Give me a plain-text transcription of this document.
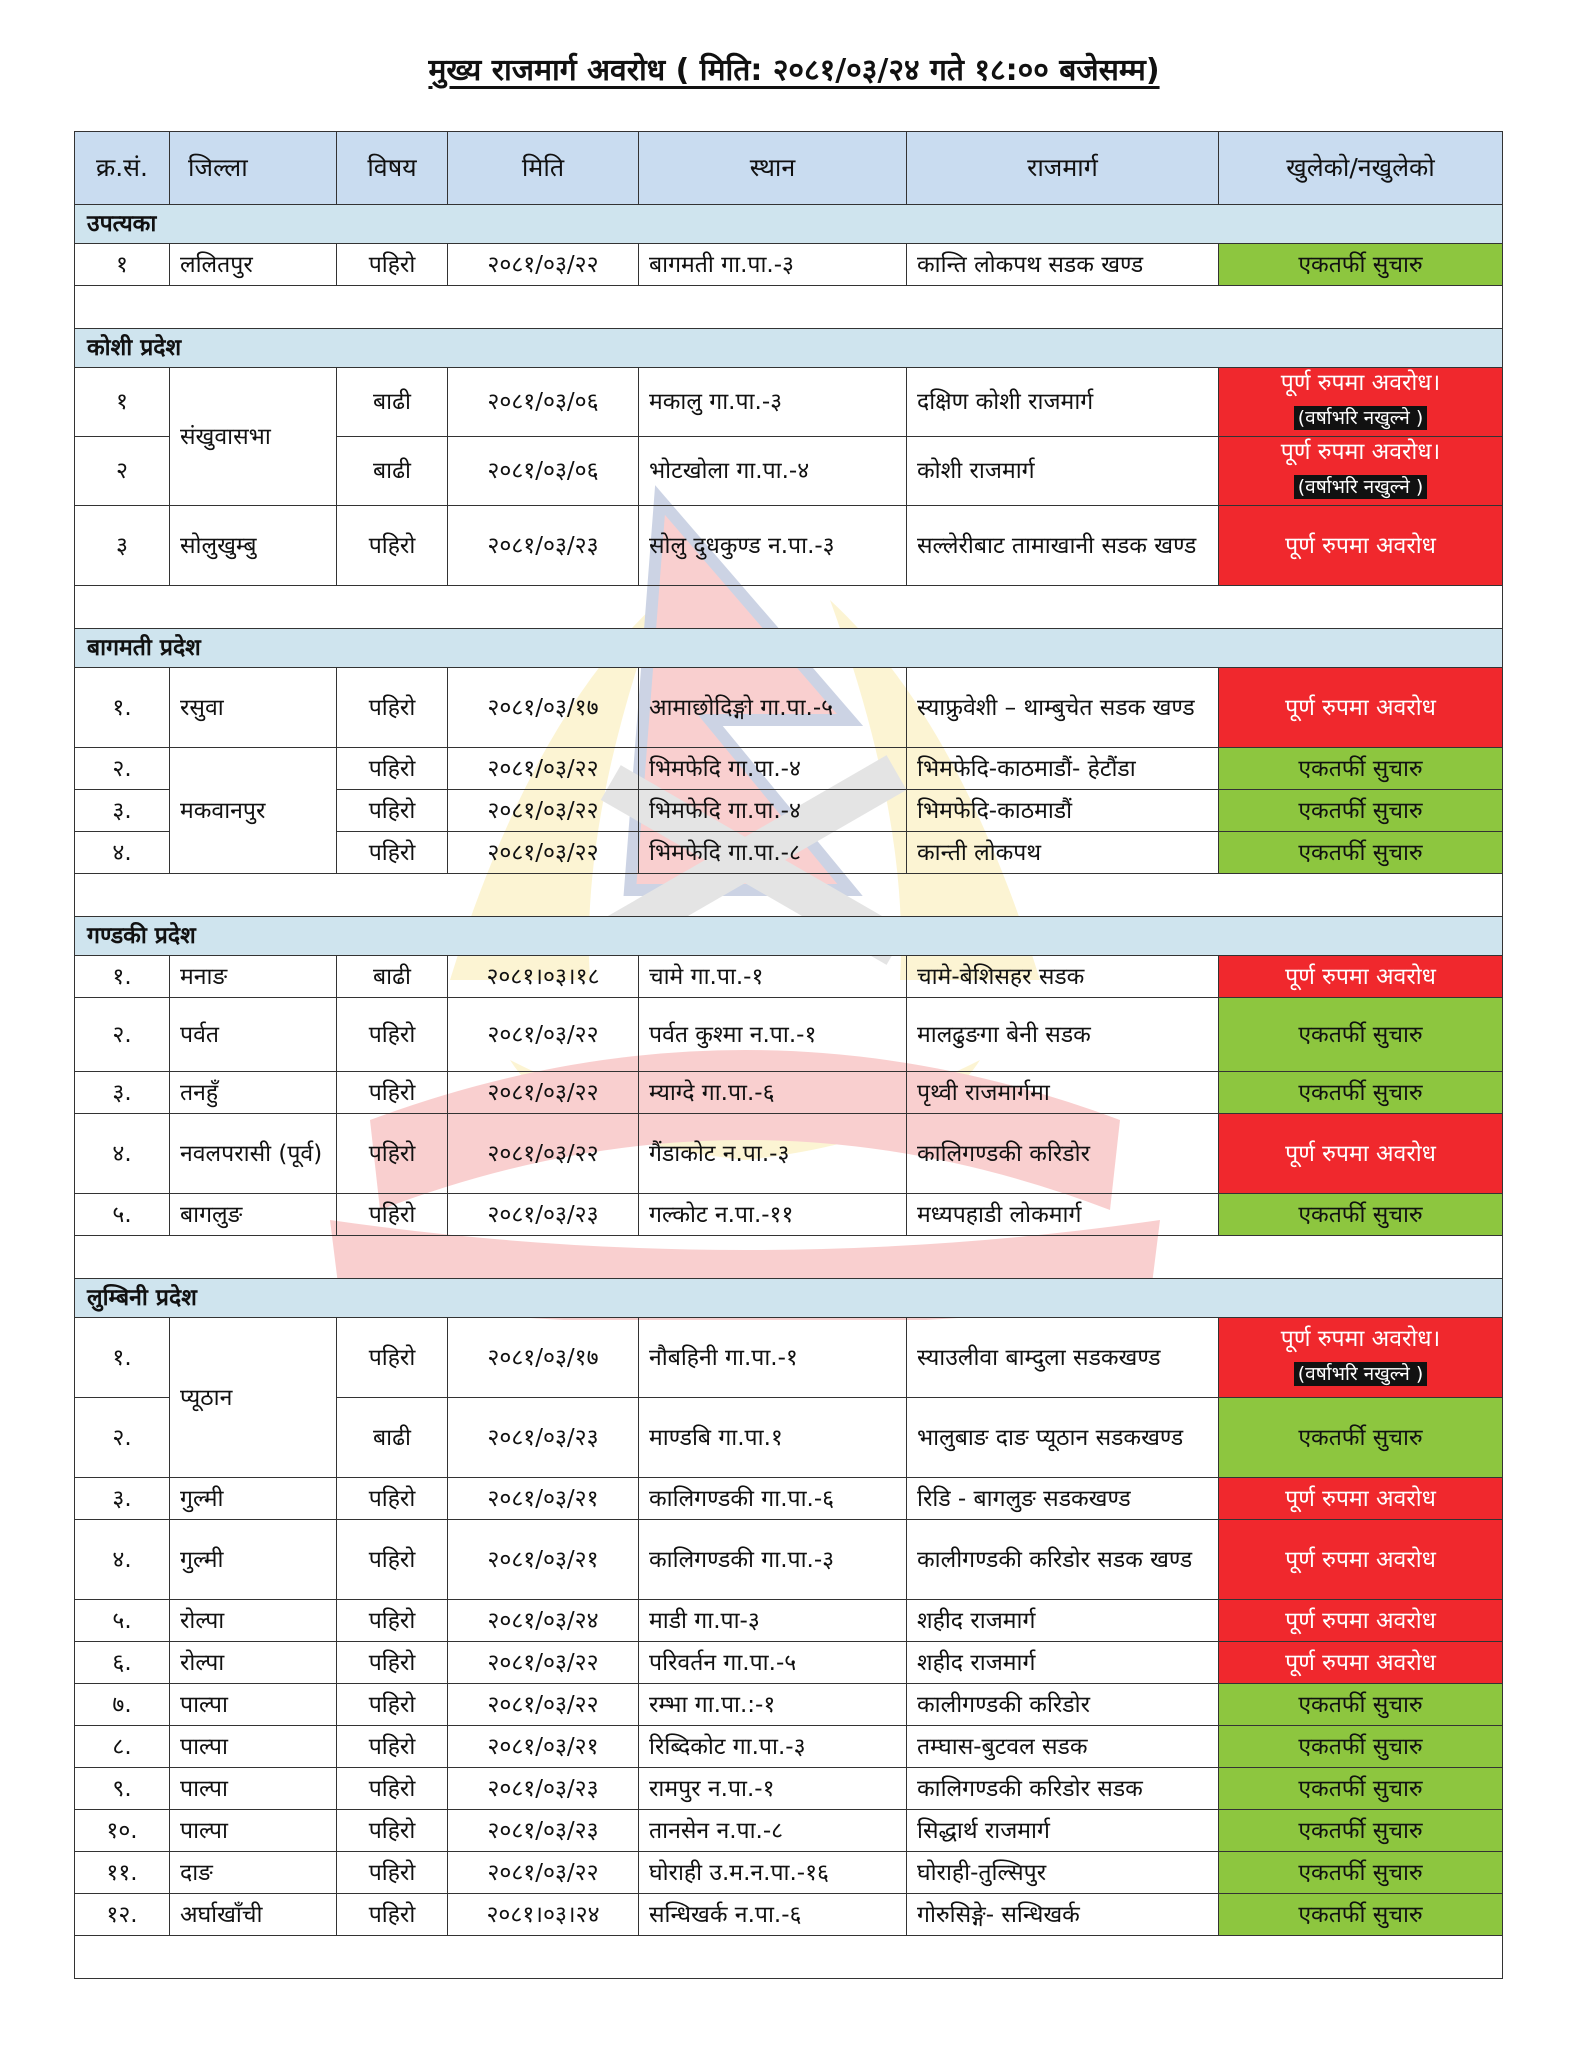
मुख्य राजमार्ग अवरोध ( मिति: २०८१/०३/२४ गते १८:०० बजेसम्म)
क्र.सं.	जिल्ला	विषय	मिति	स्थान	राजमार्ग	खुलेको/नखुलेको
उपत्यका						
१	ललितपुर	पहिरो	२०८१/०३/२२	बागमती गा.पा.-३	कान्ति लोकपथ सडक खण्ड	एकतर्फी सुचारु

कोशी प्रदेश						
१	संखुवासभा	बाढी	२०८१/०३/०६	मकालु गा.पा.-३	दक्षिण कोशी राजमार्ग	पूर्ण रुपमा अवरोध।
(वर्षाभरि नखुल्ने )
२		बाढी	२०८१/०३/०६	भोटखोला गा.पा.-४	कोशी राजमार्ग	पूर्ण रुपमा अवरोध।
(वर्षाभरि नखुल्ने )
३	सोलुखुम्बु	पहिरो	२०८१/०३/२३	सोलु दुधकुण्ड न.पा.-३	सल्लेरीबाट तामाखानी सडक खण्ड	पूर्ण रुपमा अवरोध

बागमती प्रदेश						
१.	रसुवा	पहिरो	२०८१/०३/१७	आमाछोदिङ्गो गा.पा.-५	स्याफ्रुवेशी – थाम्बुचेत सडक खण्ड	पूर्ण रुपमा अवरोध
२.	मकवानपुर	पहिरो	२०८१/०३/२२	भिमफेदि गा.पा.-४	भिमफेदि-काठमाडौं- हेटौंडा	एकतर्फी सुचारु
३.		पहिरो	२०८१/०३/२२	भिमफेदि गा.पा.-४	भिमफेदि-काठमाडौं	एकतर्फी सुचारु
४.		पहिरो	२०८१/०३/२२	भिमफेदि गा.पा.-८	कान्ती लोकपथ	एकतर्फी सुचारु

गण्डकी प्रदेश						
१.	मनाङ	बाढी	२०८१।०३।१८	चामे गा.पा.-१	चामे-बेशिसहर सडक	पूर्ण रुपमा अवरोध
२.	पर्वत	पहिरो	२०८१/०३/२२	पर्वत कुश्मा न.पा.-१	मालढुङगा बेनी सडक	एकतर्फी सुचारु
३.	तनहुँ	पहिरो	२०८१/०३/२२	म्याग्दे गा.पा.-६	पृथ्वी राजमार्गमा	एकतर्फी सुचारु
४.	नवलपरासी (पूर्व)	पहिरो	२०८१/०३/२२	गैंडाकोट न.पा.-३	कालिगण्डकी करिडोर	पूर्ण रुपमा अवरोध
५.	बागलुङ	पहिरो	२०८१/०३/२३	गल्कोट न.पा.-११	मध्यपहाडी लोकमार्ग	एकतर्फी सुचारु

लुम्बिनी प्रदेश						
१.	प्यूठान	पहिरो	२०८१/०३/१७	नौबहिनी गा.पा.-१	स्याउलीवा बाम्दुला सडकखण्ड	पूर्ण रुपमा अवरोध।
(वर्षाभरि नखुल्ने )
२.		बाढी	२०८१/०३/२३	माण्डबि गा.पा.१	भालुबाङ दाङ प्यूठान सडकखण्ड	एकतर्फी सुचारु
३.	गुल्मी	पहिरो	२०८१/०३/२१	कालिगण्डकी गा.पा.-६	रिडि - बागलुङ सडकखण्ड	पूर्ण रुपमा अवरोध
४.	गुल्मी	पहिरो	२०८१/०३/२१	कालिगण्डकी गा.पा.-३	कालीगण्डकी करिडोर सडक खण्ड	पूर्ण रुपमा अवरोध
५.	रोल्पा	पहिरो	२०८१/०३/२४	माडी गा.पा-३	शहीद राजमार्ग	पूर्ण रुपमा अवरोध
६.	रोल्पा	पहिरो	२०८१/०३/२२	परिवर्तन गा.पा.-५	शहीद राजमार्ग	पूर्ण रुपमा अवरोध
७.	पाल्पा	पहिरो	२०८१/०३/२२	रम्भा गा.पा.:-१	कालीगण्डकी करिडोर	एकतर्फी सुचारु
८.	पाल्पा	पहिरो	२०८१/०३/२१	रिब्दिकोट गा.पा.-३	तम्घास-बुटवल सडक	एकतर्फी सुचारु
९.	पाल्पा	पहिरो	२०८१/०३/२३	रामपुर न.पा.-१	कालिगण्डकी करिडोर सडक	एकतर्फी सुचारु
१०.	पाल्पा	पहिरो	२०८१/०३/२३	तानसेन न.पा.-८	सिद्धार्थ राजमार्ग	एकतर्फी सुचारु
११.	दाङ	पहिरो	२०८१/०३/२२	घोराही उ.म.न.पा.-१६	घोराही-तुल्सिपुर	एकतर्फी सुचारु
१२.	अर्घाखाँची	पहिरो	२०८१।०३।२४	सन्धिखर्क न.पा.-६	गोरुसिङ्गे- सन्धिखर्क	एकतर्फी सुचारु
